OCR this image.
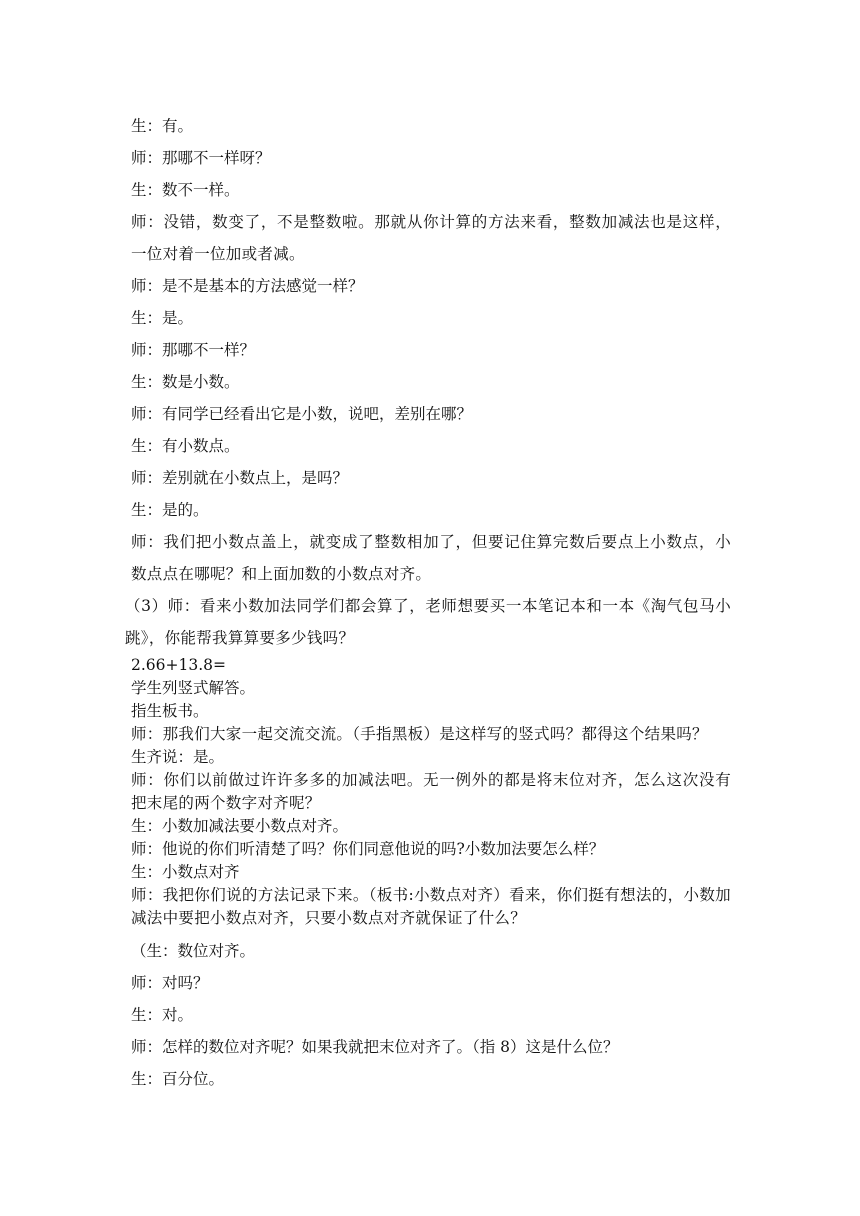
生：有。
师：那哪不一样呀？
生：数不一样。
师：没错，数变了，不是整数啦。那就从你计算的方法来看，整数加减法也是这样，一位对着一位加或者减。
师：是不是基本的方法感觉一样？
生：是。
师：那哪不一样？
生：数是小数。
师：有同学已经看出它是小数，说吧，差别在哪？
生：有小数点。
师：差别就在小数点上，是吗？
生：是的。
师：我们把小数点盖上，就变成了整数相加了，但要记住算完数后要点上小数点，小数点点在哪呢？和上面加数的小数点对齐。
（3）师：看来小数加法同学们都会算了，老师想要买一本笔记本和一本《淘气包马小跳》，你能帮我算算要多少钱吗？
2.66+13.8=
学生列竖式解答。
指生板书。
师：那我们大家一起交流交流。（手指黑板）是这样写的竖式吗？都得这个结果吗？
生齐说：是。
师：你们以前做过许许多多的加减法吧。无一例外的都是将末位对齐，怎么这次没有把末尾的两个数字对齐呢？
生：小数加减法要小数点对齐。
师：他说的你们听清楚了吗？你们同意他说的吗?小数加法要怎么样？
生：小数点对齐
师：我把你们说的方法记录下来。（板书:小数点对齐）看来，你们挺有想法的，小数加减法中要把小数点对齐，只要小数点对齐就保证了什么？
（生：数位对齐。
师：对吗？
生：对。
师：怎样的数位对齐呢？如果我就把末位对齐了。（指 8）这是什么位？
生：百分位。
